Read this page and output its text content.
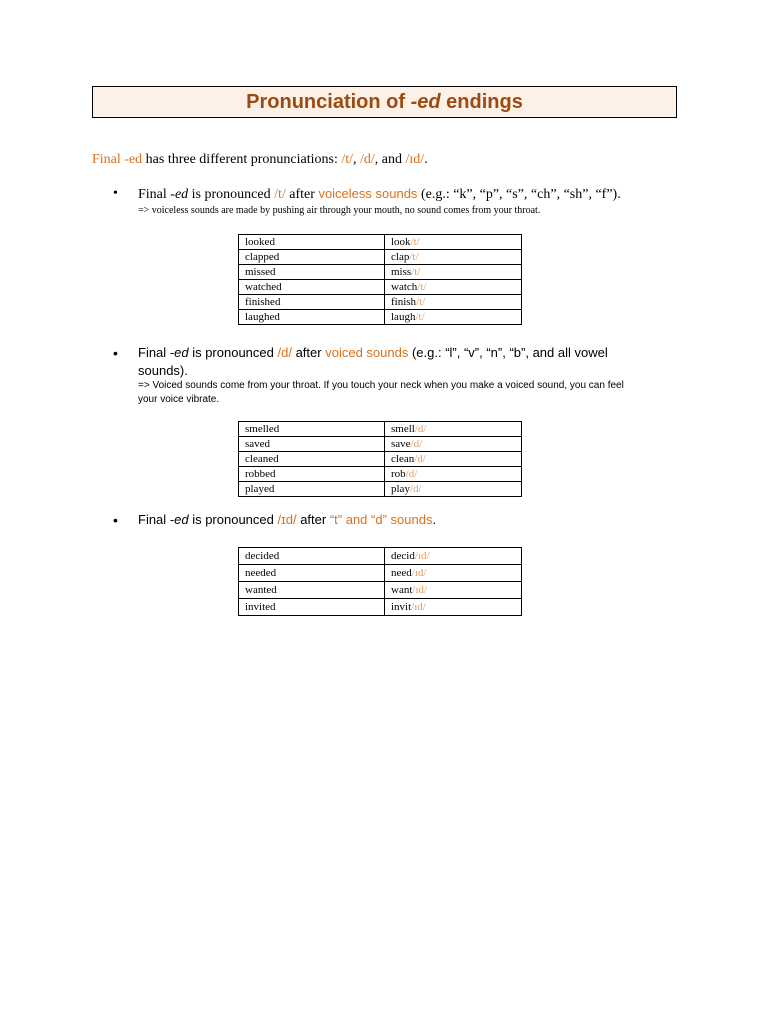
Pronunciation of -ed endings
Final -ed has three different pronunciations: /t/, /d/, and /ɪd/.
• Final -ed is pronounced /t/ after voiceless sounds (e.g.: “k”, “p”, “s”, “ch”, “sh”, “f”).
=> voiceless sounds are made by pushing air through your mouth, no sound comes from your throat.
looked	look/t/
clapped	clap/t/
missed	miss/t/
watched	watch/t/
finished	finish/t/
laughed	laugh/t/
• Final -ed is pronounced /d/ after voiced sounds (e.g.: “l”, “v”, “n”, “b”, and all vowel
sounds).
=> Voiced sounds come from your throat. If you touch your neck when you make a voiced sound, you can feel
your voice vibrate.
smelled	smell/d/
saved	save/d/
cleaned	clean/d/
robbed	rob/d/
played	play/d/
• Final -ed is pronounced /ɪd/ after “t” and “d” sounds.
decided	decid/ɪd/
needed	need/ɪd/
wanted	want/ɪd/
invited	invit/ɪd/
